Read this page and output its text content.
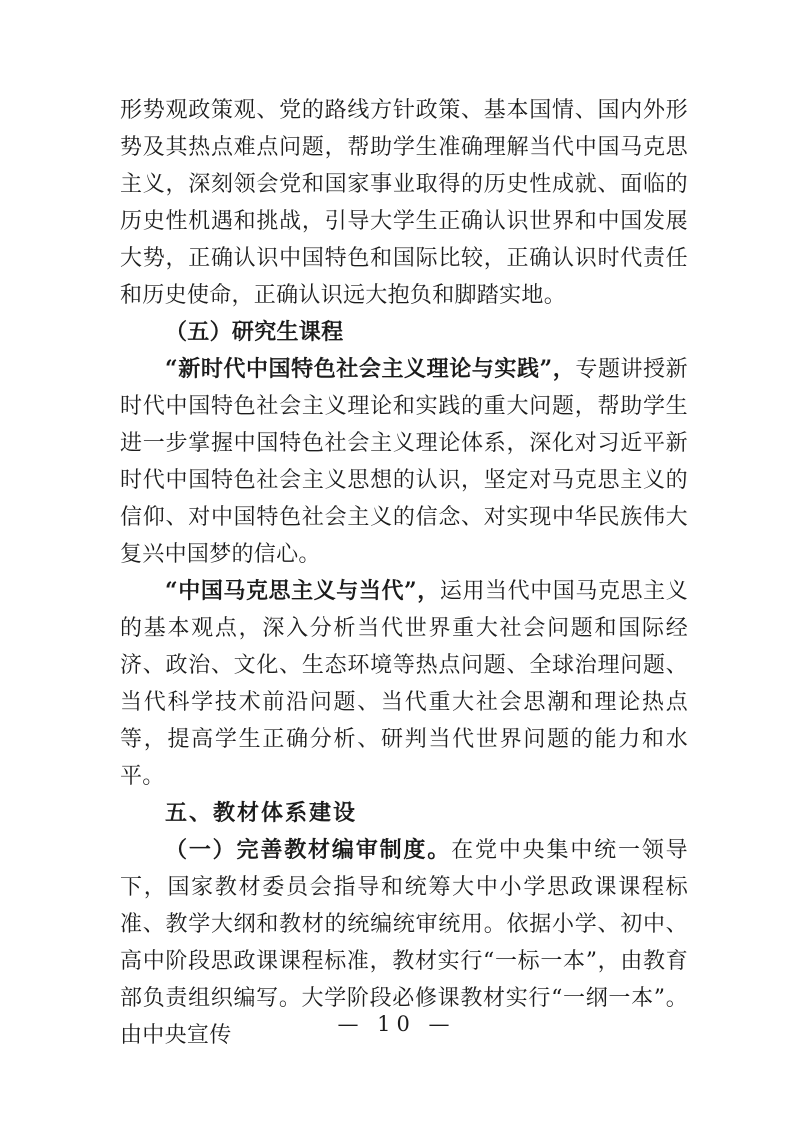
形势观政策观、党的路线方针政策、基本国情、国内外形势及其热点难点问题，帮助学生准确理解当代中国马克思主义，深刻领会党和国家事业取得的历史性成就、面临的历史性机遇和挑战，引导大学生正确认识世界和中国发展大势，正确认识中国特色和国际比较，正确认识时代责任和历史使命，正确认识远大抱负和脚踏实地。

（五）研究生课程

“新时代中国特色社会主义理论与实践”，专题讲授新时代中国特色社会主义理论和实践的重大问题，帮助学生进一步掌握中国特色社会主义理论体系，深化对习近平新时代中国特色社会主义思想的认识，坚定对马克思主义的信仰、对中国特色社会主义的信念、对实现中华民族伟大复兴中国梦的信心。

“中国马克思主义与当代”，运用当代中国马克思主义的基本观点，深入分析当代世界重大社会问题和国际经济、政治、文化、生态环境等热点问题、全球治理问题、当代科学技术前沿问题、当代重大社会思潮和理论热点等，提高学生正确分析、研判当代世界问题的能力和水平。

五、教材体系建设

（一）完善教材编审制度。在党中央集中统一领导下，国家教材委员会指导和统筹大中小学思政课课程标准、教学大纲和教材的统编统审统用。依据小学、初中、高中阶段思政课课程标准，教材实行“一标一本”，由教育部负责组织编写。大学阶段必修课教材实行“一纲一本”。由中央宣传	— 10 —
